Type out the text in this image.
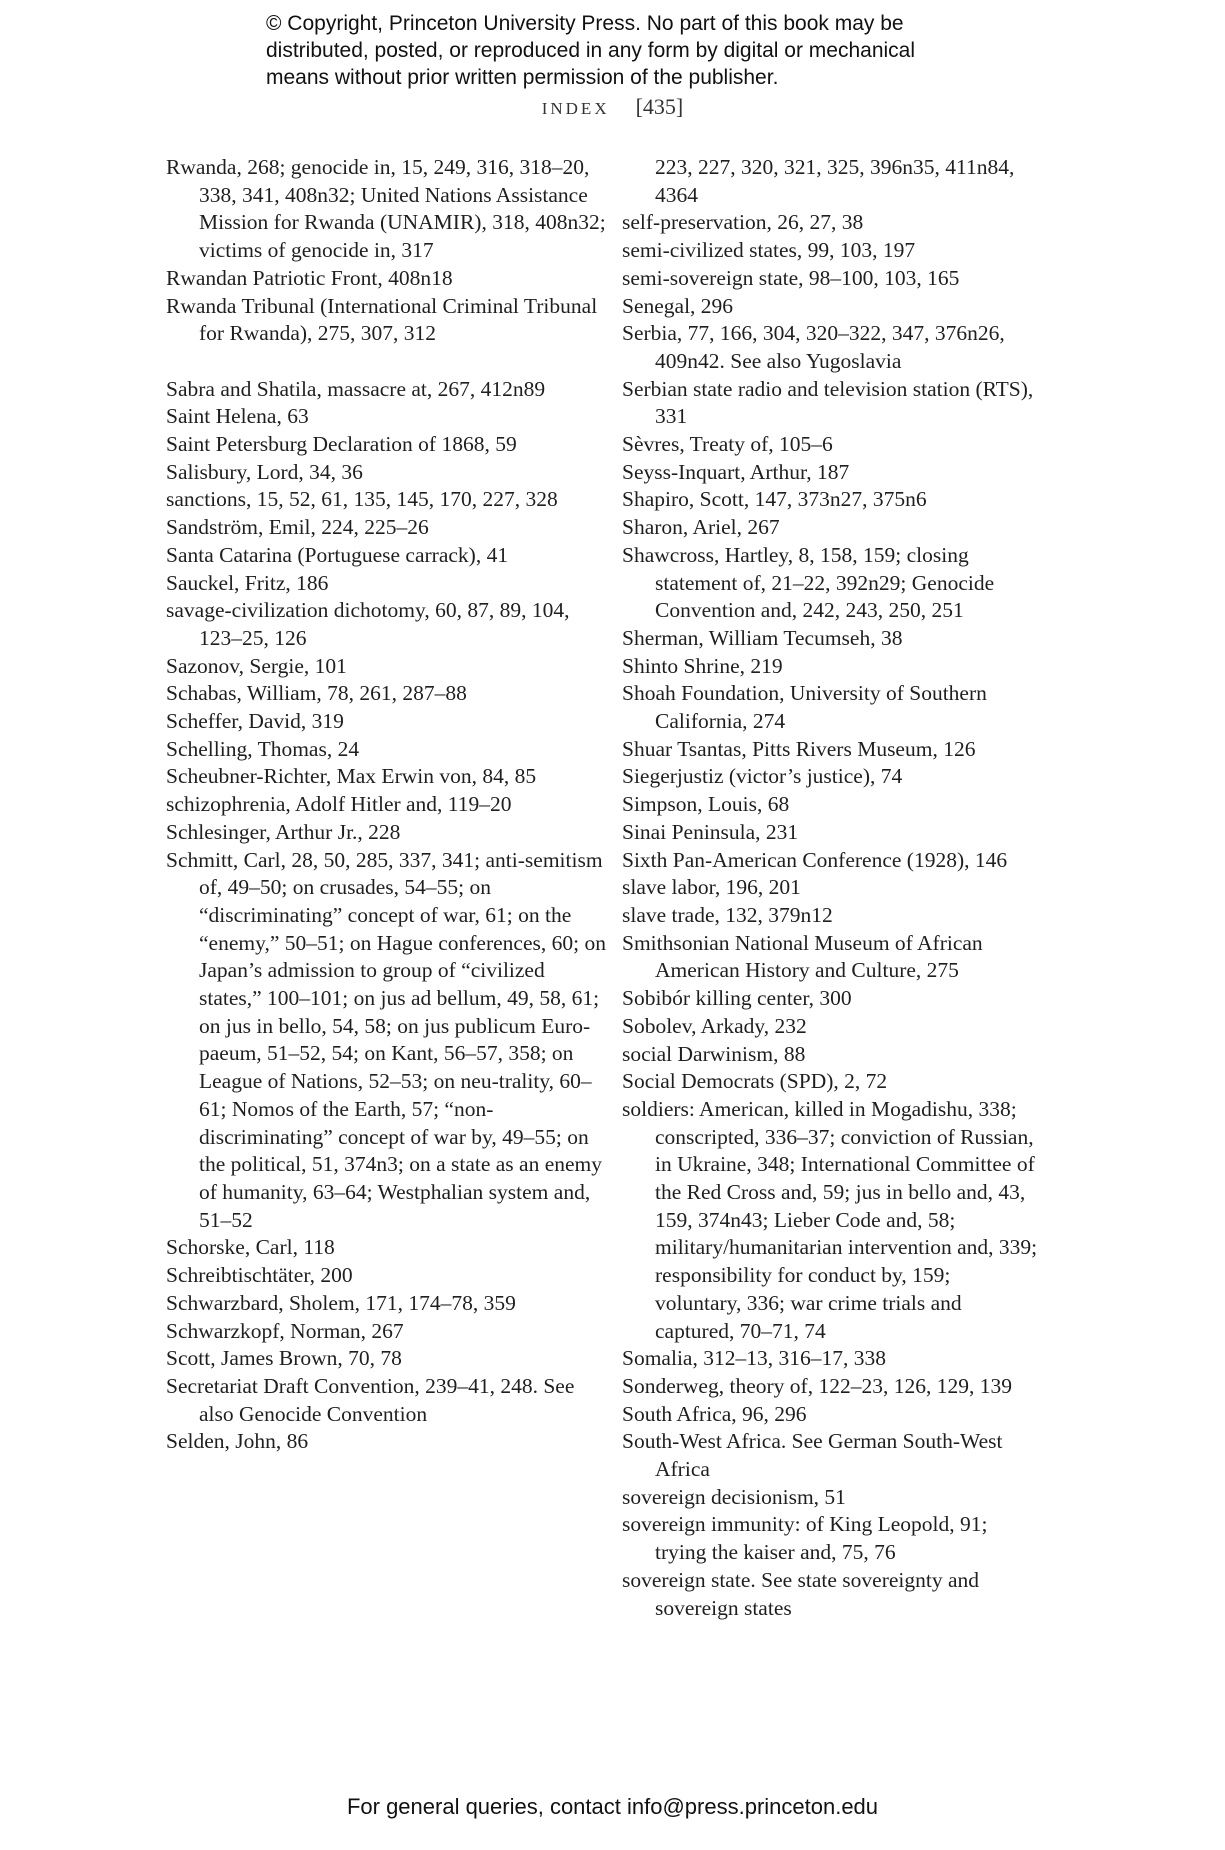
© Copyright, Princeton University Press. No part of this book may be
distributed, posted, or reproduced in any form by digital or mechanical
means without prior written permission of the publisher.
INDEX [435]
Rwanda, 268; genocide in, 15, 249, 316, 318–20, 338, 341, 408n32; United Nations Assistance Mission for Rwanda (UNAMIR), 318, 408n32; victims of genocide in, 317
Rwandan Patriotic Front, 408n18
Rwanda Tribunal (International Criminal Tribunal for Rwanda), 275, 307, 312
Sabra and Shatila, massacre at, 267, 412n89
Saint Helena, 63
Saint Petersburg Declaration of 1868, 59
Salisbury, Lord, 34, 36
sanctions, 15, 52, 61, 135, 145, 170, 227, 328
Sandström, Emil, 224, 225–26
Santa Catarina (Portuguese carrack), 41
Sauckel, Fritz, 186
savage-civilization dichotomy, 60, 87, 89, 104, 123–25, 126
Sazonov, Sergie, 101
Schabas, William, 78, 261, 287–88
Scheffer, David, 319
Schelling, Thomas, 24
Scheubner-Richter, Max Erwin von, 84, 85
schizophrenia, Adolf Hitler and, 119–20
Schlesinger, Arthur Jr., 228
Schmitt, Carl, 28, 50, 285, 337, 341; anti-semitism of, 49–50; on crusades, 54–55; on “discriminating” concept of war, 61; on the “enemy,” 50–51; on Hague conferences, 60; on Japan’s admission to group of “civilized states,” 100–101; on jus ad bellum, 49, 58, 61; on jus in bello, 54, 58; on jus publicum Euro-paeum, 51–52, 54; on Kant, 56–57, 358; on League of Nations, 52–53; on neu-trality, 60–61; Nomos of the Earth, 57; “non-discriminating” concept of war by, 49–55; on the political, 51, 374n3; on a state as an enemy of humanity, 63–64; Westphalian system and, 51–52
Schorske, Carl, 118
Schreibtischtäter, 200
Schwarzbard, Sholem, 171, 174–78, 359
Schwarzkopf, Norman, 267
Scott, James Brown, 70, 78
Secretariat Draft Convention, 239–41, 248. See also Genocide Convention
Selden, John, 86
223, 227, 320, 321, 325, 396n35, 411n84, 4364
self-preservation, 26, 27, 38
semi-civilized states, 99, 103, 197
semi-sovereign state, 98–100, 103, 165
Senegal, 296
Serbia, 77, 166, 304, 320–322, 347, 376n26, 409n42. See also Yugoslavia
Serbian state radio and television station (RTS), 331
Sèvres, Treaty of, 105–6
Seyss-Inquart, Arthur, 187
Shapiro, Scott, 147, 373n27, 375n6
Sharon, Ariel, 267
Shawcross, Hartley, 8, 158, 159; closing statement of, 21–22, 392n29; Genocide Convention and, 242, 243, 250, 251
Sherman, William Tecumseh, 38
Shinto Shrine, 219
Shoah Foundation, University of Southern California, 274
Shuar Tsantas, Pitts Rivers Museum, 126
Siegerjustiz (victor’s justice), 74
Simpson, Louis, 68
Sinai Peninsula, 231
Sixth Pan-American Conference (1928), 146
slave labor, 196, 201
slave trade, 132, 379n12
Smithsonian National Museum of African American History and Culture, 275
Sobibór killing center, 300
Sobolev, Arkady, 232
social Darwinism, 88
Social Democrats (SPD), 2, 72
soldiers: American, killed in Mogadishu, 338; conscripted, 336–37; conviction of Russian, in Ukraine, 348; International Committee of the Red Cross and, 59; jus in bello and, 43, 159, 374n43; Lieber Code and, 58; military/humanitarian intervention and, 339; responsibility for conduct by, 159; voluntary, 336; war crime trials and captured, 70–71, 74
Somalia, 312–13, 316–17, 338
Sonderweg, theory of, 122–23, 126, 129, 139
South Africa, 96, 296
South-West Africa. See German South-West Africa
sovereign decisionism, 51
sovereign immunity: of King Leopold, 91; trying the kaiser and, 75, 76
sovereign state. See state sovereignty and sovereign states
For general queries, contact info@press.princeton.edu
